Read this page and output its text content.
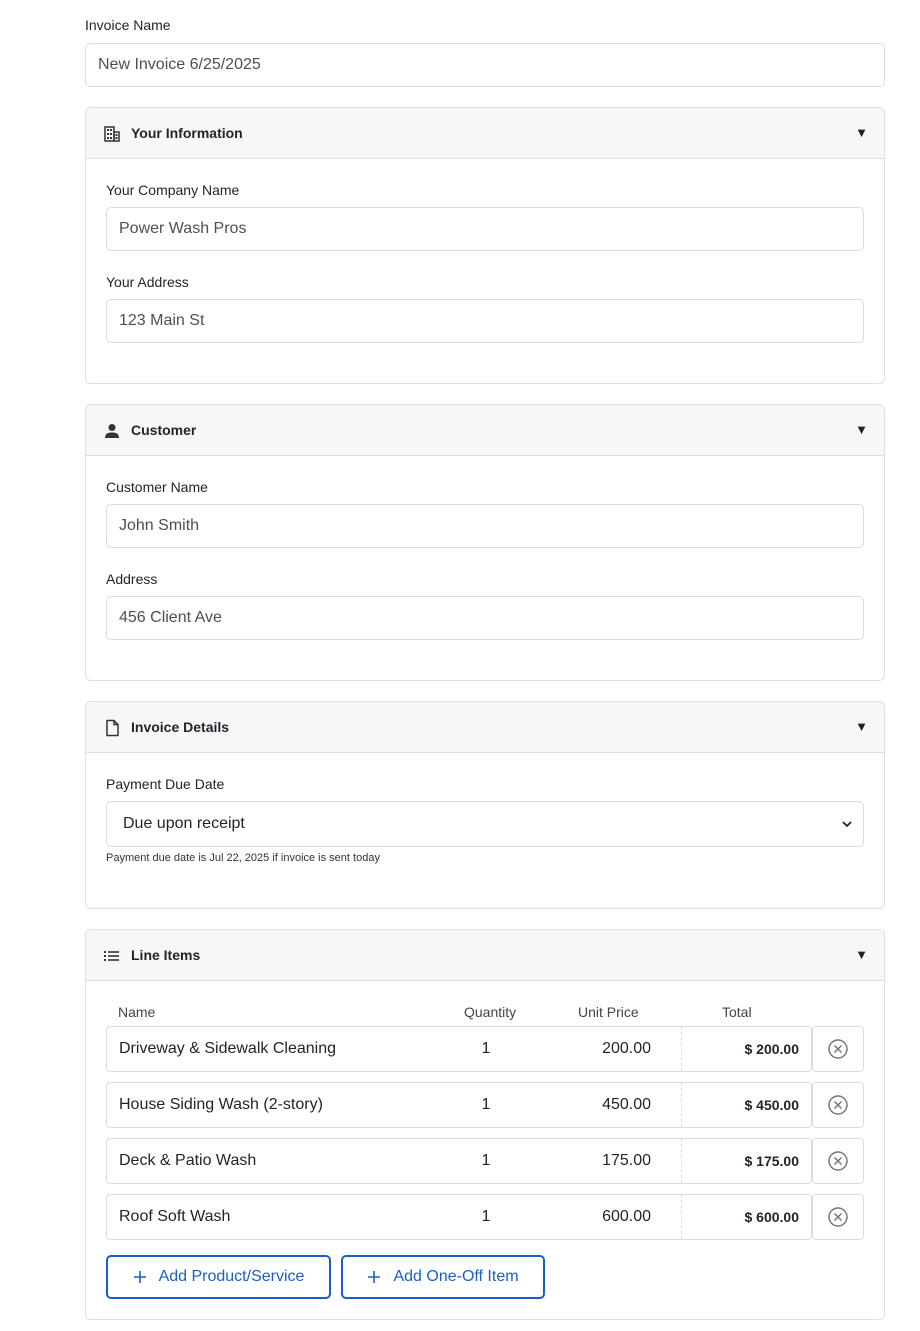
Invoice Name
New Invoice 6/25/2025
Your Information	▼
Your Company Name
Power Wash Pros
Your Address
123 Main St
Customer	▼
Customer Name
John Smith
Address
456 Client Ave
Invoice Details	▼
Payment Due Date
Due upon receipt
Payment due date is Jul 22, 2025 if invoice is sent today
Line Items	▼
Name	Quantity	Unit Price	Total
Driveway & Sidewalk Cleaning	1	200.00	$ 200.00
House Siding Wash (2-story)	1	450.00	$ 450.00
Deck & Patio Wash	1	175.00	$ 175.00
Roof Soft Wash	1	600.00	$ 600.00
Add Product/Service	Add One-Off Item
